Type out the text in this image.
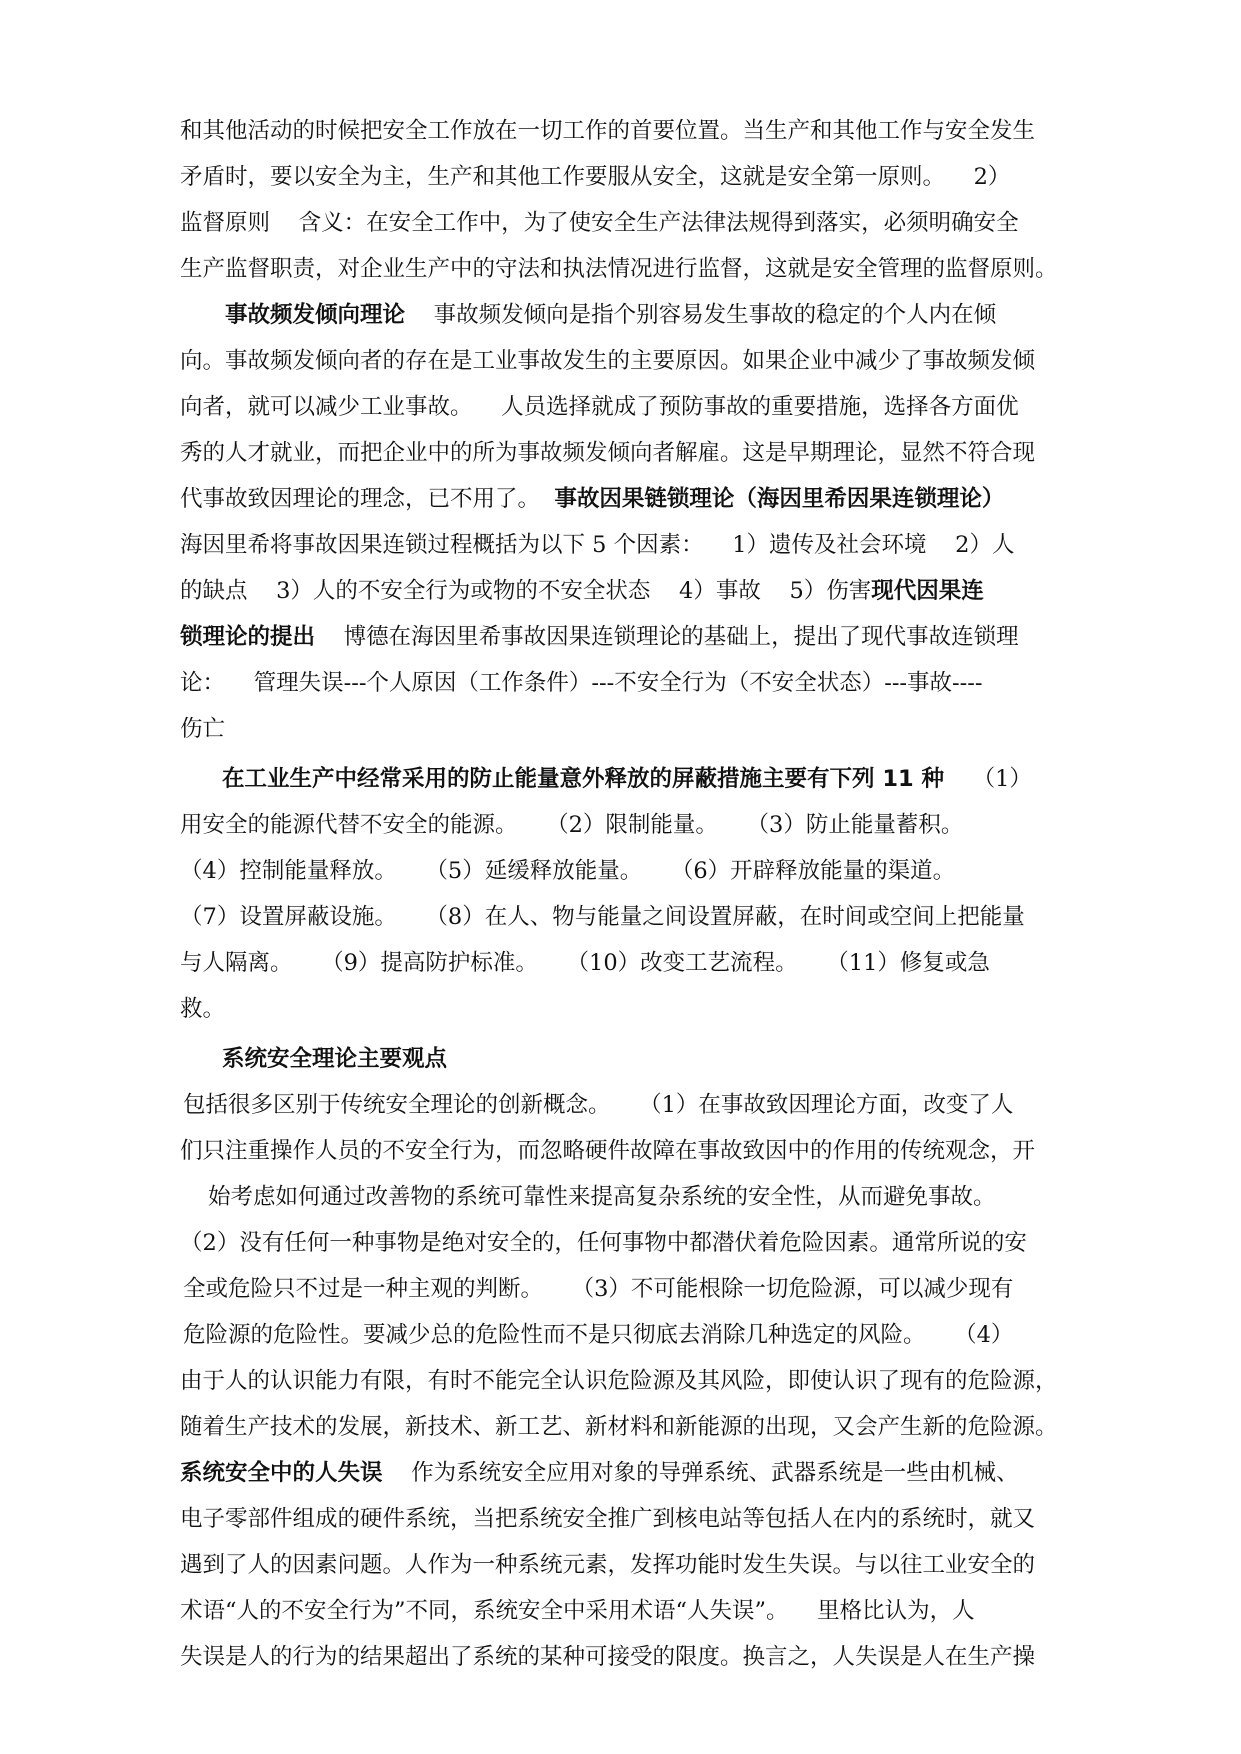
和其他活动的时候把安全工作放在一切工作的首要位置。当生产和其他工作与安全发生

矛盾时，要以安全为主，生产和其他工作要服从安全，这就是安全第一原则。    2）

监督原则    含义：在安全工作中，为了使安全生产法律法规得到落实，必须明确安全

生产监督职责，对企业生产中的守法和执法情况进行监督，这就是安全管理的监督原则。

事故频发倾向理论    事故频发倾向是指个别容易发生事故的稳定的个人内在倾

向。事故频发倾向者的存在是工业事故发生的主要原因。如果企业中减少了事故频发倾

向者，就可以减少工业事故。    人员选择就成了预防事故的重要措施，选择各方面优

秀的人才就业，而把企业中的所为事故频发倾向者解雇。这是早期理论，显然不符合现

代事故致因理论的理念，已不用了。  事故因果链锁理论（海因里希因果连锁理论）

海因里希将事故因果连锁过程概括为以下 5 个因素：    1）遗传及社会环境    2）人

的缺点    3）人的不安全行为或物的不安全状态    4）事故    5）伤害现代因果连

锁理论的提出    博德在海因里希事故因果连锁理论的基础上，提出了现代事故连锁理

论：    管理失误---个人原因（工作条件）---不安全行为（不安全状态）---事故----

伤亡

在工业生产中经常采用的防止能量意外释放的屏蔽措施主要有下列 11 种    （1）

用安全的能源代替不安全的能源。    （2）限制能量。    （3）防止能量蓄积。

（4）控制能量释放。    （5）延缓释放能量。    （6）开辟释放能量的渠道。

（7）设置屏蔽设施。    （8）在人、物与能量之间设置屏蔽，在时间或空间上把能量

与人隔离。    （9）提高防护标准。    （10）改变工艺流程。    （11）修复或急

救。

系统安全理论主要观点

包括很多区别于传统安全理论的创新概念。    （1）在事故致因理论方面，改变了人

们只注重操作人员的不安全行为，而忽略硬件故障在事故致因中的作用的传统观念，开

始考虑如何通过改善物的系统可靠性来提高复杂系统的安全性，从而避免事故。

（2）没有任何一种事物是绝对安全的，任何事物中都潜伏着危险因素。通常所说的安

全或危险只不过是一种主观的判断。    （3）不可能根除一切危险源，可以减少现有

危险源的危险性。要减少总的危险性而不是只彻底去消除几种选定的风险。    （4）

由于人的认识能力有限，有时不能完全认识危险源及其风险，即使认识了现有的危险源，

随着生产技术的发展，新技术、新工艺、新材料和新能源的出现，又会产生新的危险源。

系统安全中的人失误    作为系统安全应用对象的导弹系统、武器系统是一些由机械、

电子零部件组成的硬件系统，当把系统安全推广到核电站等包括人在内的系统时，就又

遇到了人的因素问题。人作为一种系统元素，发挥功能时发生失误。与以往工业安全的

术语“人的不安全行为”不同，系统安全中采用术语“人失误”。    里格比认为，人

失误是人的行为的结果超出了系统的某种可接受的限度。换言之，人失误是人在生产操
